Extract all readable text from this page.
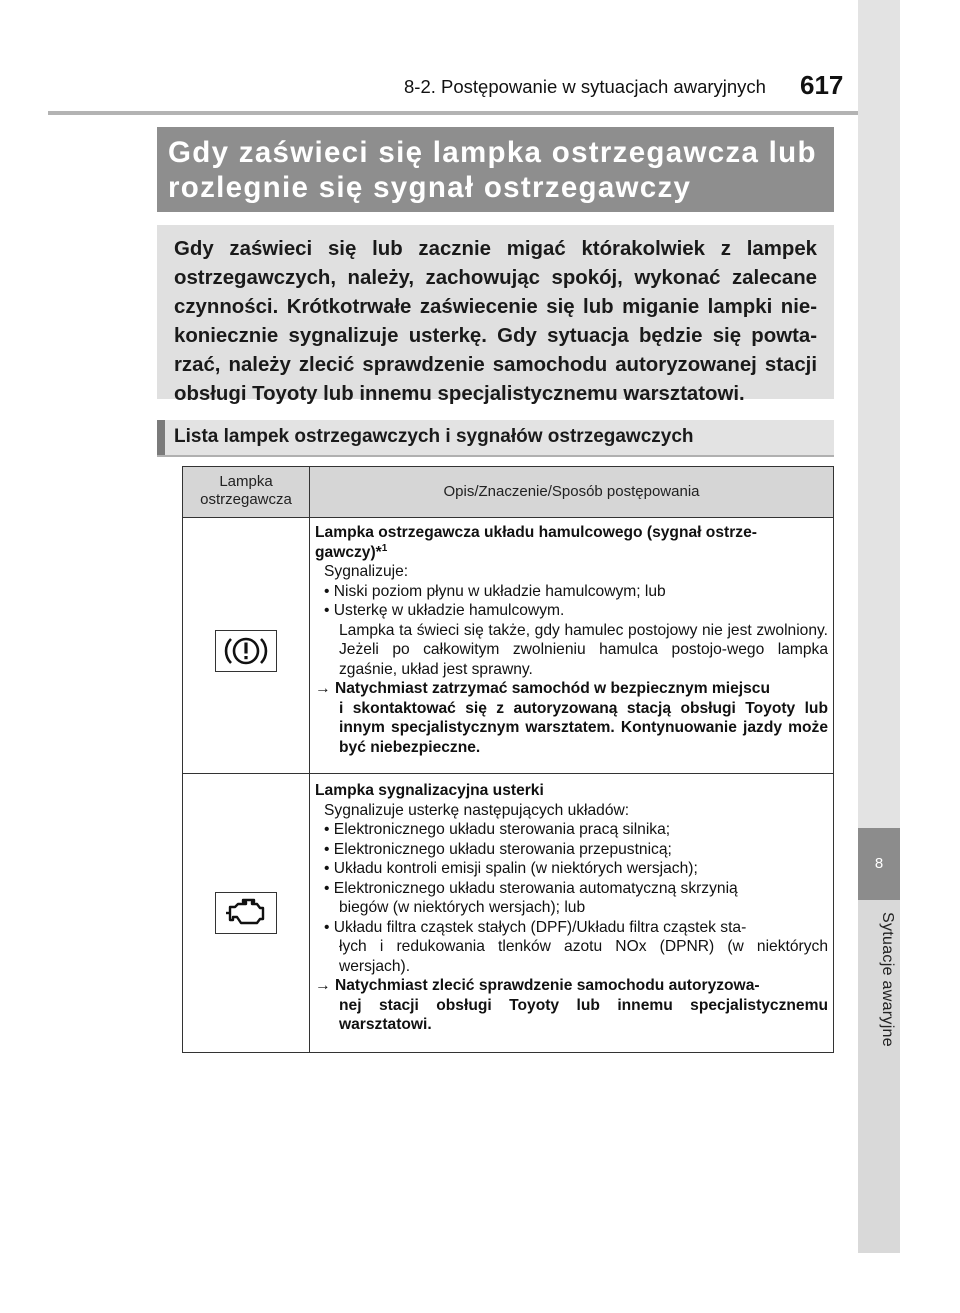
8
Sytuacje awaryjne
8-2. Postępowanie w sytuacjach awaryjnych 617
Gdy zaświeci się lampka ostrzegawcza lub
rozlegnie się sygnał ostrzegawczy

Gdy zaświeci się lub zacznie migać którakolwiek z lampek ostrzegawczych, należy, zachowując spokój, wykonać zalecane czynności. Krótkotrwałe zaświecenie się lub miganie lampki nie-koniecznie sygnalizuje usterkę. Gdy sytuacja będzie się powta-rzać, należy zlecić sprawdzenie samochodu autoryzowanej stacji obsługi Toyoty lub innemu specjalistycznemu warsztatowi.

Lista lampek ostrzegawczych i sygnałów ostrzegawczych
Lampka
ostrzegawcza	Opis/Znaczenie/Sposób postępowania
Lampka ostrzegawcza układu hamulcowego (sygnał ostrze-gawczy)*$^1$
Sygnalizuje:
• Niski poziom płynu w układzie hamulcowym; lub
• Usterkę w układzie hamulcowym.
Lampka ta świeci się także, gdy hamulec postojowy nie jest zwolniony. Jeżeli po całkowitym zwolnieniu hamulca postojo-wego lampka zgaśnie, układ jest sprawny.
→ Natychmiast zatrzymać samochód w bezpiecznym miejscu
i skontaktować się z autoryzowaną stacją obsługi Toyoty lub innym specjalistycznym warsztatem. Kontynuowanie jazdy może być niebezpieczne.
Lampka sygnalizacyjna usterki
Sygnalizuje usterkę następujących układów:
• Elektronicznego układu sterowania pracą silnika;
• Elektronicznego układu sterowania przepustnicą;
• Układu kontroli emisji spalin (w niektórych wersjach);
• Elektronicznego układu sterowania automatyczną skrzynią
biegów (w niektórych wersjach); lub
• Układu filtra cząstek stałych (DPF)/Układu filtra cząstek sta-
łych i redukowania tlenków azotu NOx (DPNR) (w niektórych wersjach).
→ Natychmiast zlecić sprawdzenie samochodu autoryzowa-
nej stacji obsługi Toyoty lub innemu specjalistycznemu warsztatowi.
